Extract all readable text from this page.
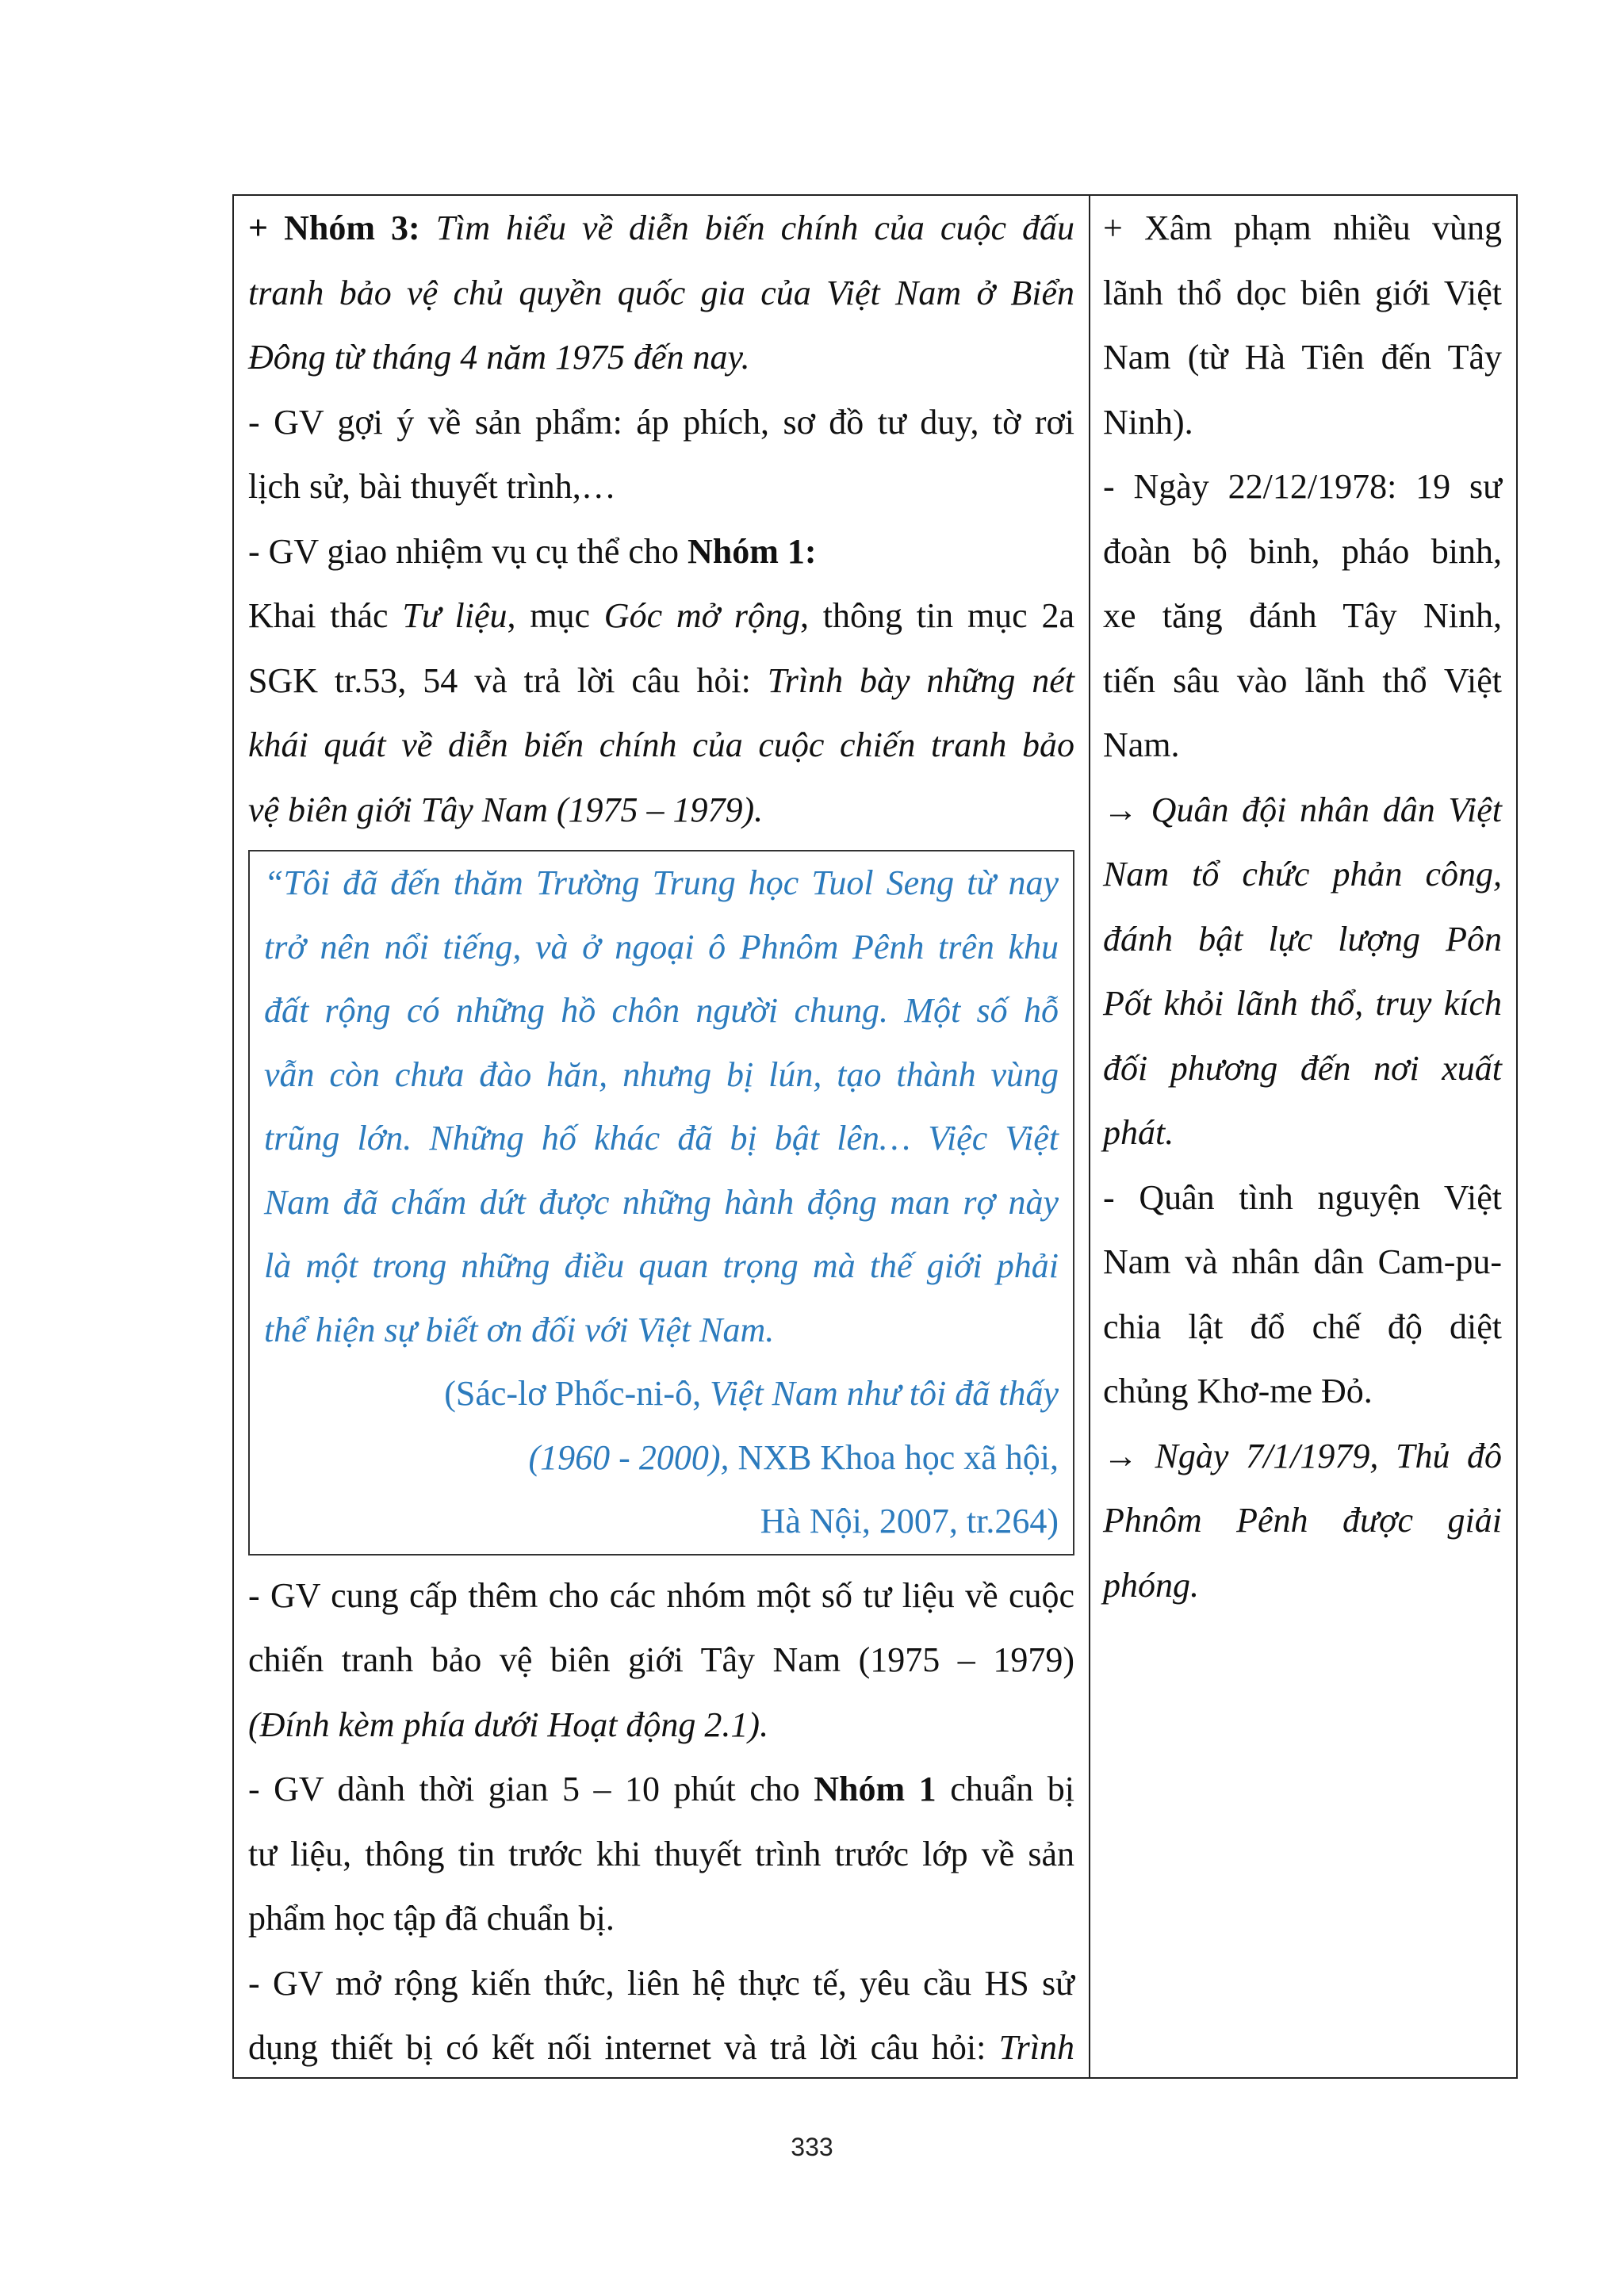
+ Nhóm 3: Tìm hiểu về diễn biến chính của cuộc đấu
tranh bảo vệ chủ quyền quốc gia của Việt Nam ở Biển
Đông từ tháng 4 năm 1975 đến nay.
- GV gợi ý về sản phẩm: áp phích, sơ đồ tư duy, tờ rơi
lịch sử, bài thuyết trình,…
- GV giao nhiệm vụ cụ thể cho Nhóm 1:
Khai thác Tư liệu, mục Góc mở rộng, thông tin mục 2a
SGK tr.53, 54 và trả lời câu hỏi: Trình bày những nét
khái quát về diễn biến chính của cuộc chiến tranh bảo
vệ biên giới Tây Nam (1975 – 1979).
“Tôi đã đến thăm Trường Trung học Tuol Seng từ nay
trở nên nổi tiếng, và ở ngoại ô Phnôm Pênh trên khu
đất rộng có những hồ chôn người chung. Một số hỗ
vẫn còn chưa đào hăn, nhưng bị lún, tạo thành vùng
trũng lớn. Những hố khác đã bị bật lên… Việc Việt
Nam đã chấm dứt được những hành động man rợ này
là một trong những điều quan trọng mà thế giới phải
thể hiện sự biết ơn đối với Việt Nam.
(Sác-lơ Phốc-ni-ô, Việt Nam như tôi đã thấy
(1960 - 2000), NXB Khoa học xã hội,
Hà Nội, 2007, tr.264)
- GV cung cấp thêm cho các nhóm một số tư liệu về cuộc
chiến tranh bảo vệ biên giới Tây Nam (1975 – 1979)
(Đính kèm phía dưới Hoạt động 2.1).
- GV dành thời gian 5 – 10 phút cho Nhóm 1 chuẩn bị
tư liệu, thông tin trước khi thuyết trình trước lớp về sản
phẩm học tập đã chuẩn bị.
- GV mở rộng kiến thức, liên hệ thực tế, yêu cầu HS sử
dụng thiết bị có kết nối internet và trả lời câu hỏi: Trình
+ Xâm phạm nhiều vùng
lãnh thổ dọc biên giới Việt
Nam (từ Hà Tiên đến Tây
Ninh).
- Ngày 22/12/1978: 19 sư
đoàn bộ binh, pháo binh,
xe tăng đánh Tây Ninh,
tiến sâu vào lãnh thổ Việt
Nam.
→ Quân đội nhân dân Việt
Nam tổ chức phản công,
đánh bật lực lượng Pôn
Pốt khỏi lãnh thổ, truy kích
đối phương đến nơi xuất
phát.
- Quân tình nguyện Việt
Nam và nhân dân Cam-pu-
chia lật đổ chế độ diệt
chủng Khơ-me Đỏ.
→ Ngày 7/1/1979, Thủ đô
Phnôm Pênh được giải
phóng.
333
